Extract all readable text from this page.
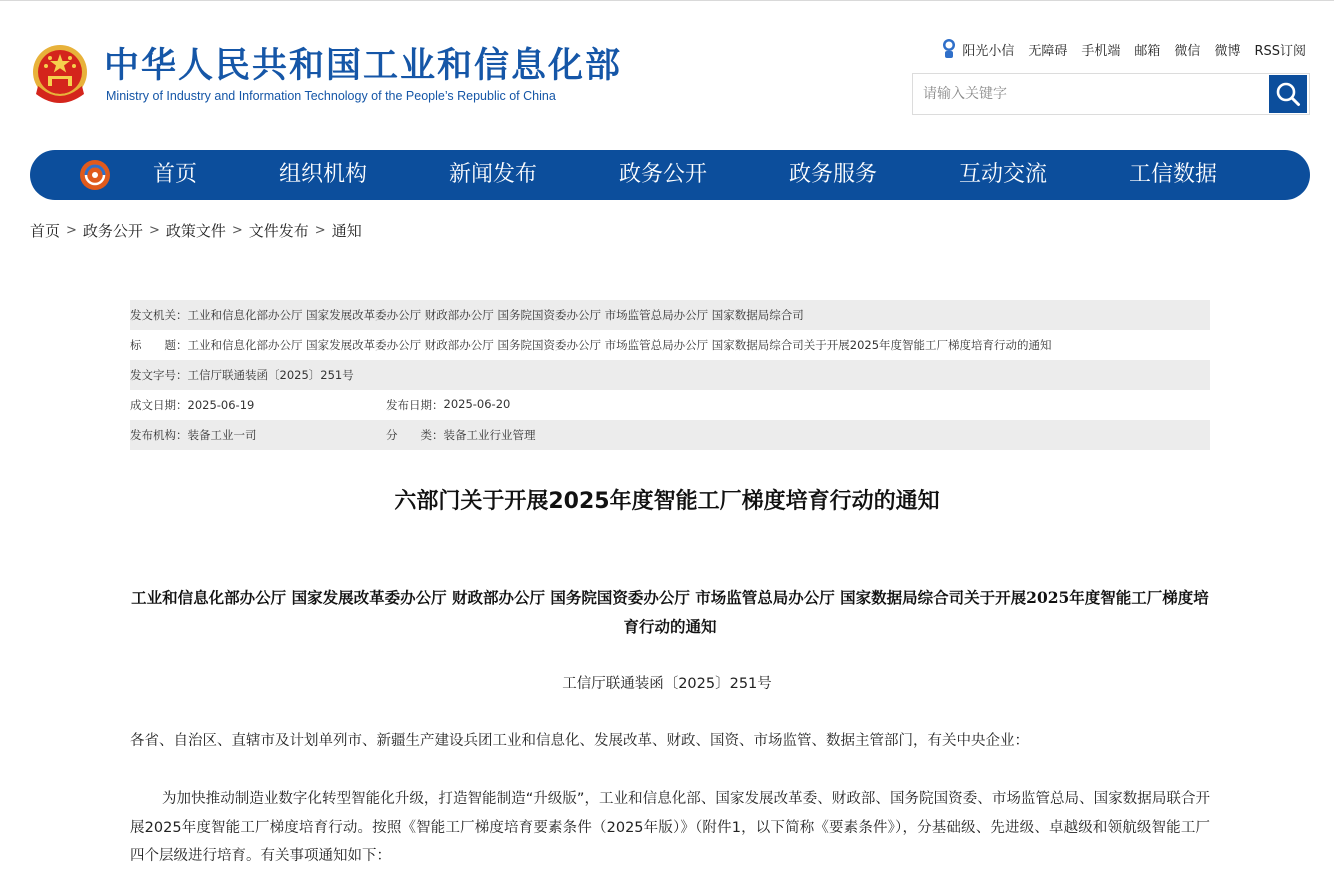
中华人民共和国工业和信息化部
Ministry of Industry and Information Technology of the People’s Republic of China
阳光小信 无障碍 手机端 邮箱 微信 微博 RSS订阅
请输入关键字
首页	组织机构	新闻发布	政务公开	政务服务	互动交流	工信数据
首页 > 政务公开 > 政策文件 > 文件发布 > 通知
发文机关： 工业和信息化部办公厅 国家发展改革委办公厅 财政部办公厅 国务院国资委办公厅 市场监管总局办公厅 国家数据局综合司
标　　题： 工业和信息化部办公厅 国家发展改革委办公厅 财政部办公厅 国务院国资委办公厅 市场监管总局办公厅 国家数据局综合司关于开展2025年度智能工厂梯度培育行动的通知
发文字号： 工信厅联通装函〔2025〕251号
成文日期： 2025-06-19	发布日期： 2025-06-20
发布机构： 装备工业一司	分　　类： 装备工业行业管理
六部门关于开展2025年度智能工厂梯度培育行动的通知
工业和信息化部办公厅 国家发展改革委办公厅 财政部办公厅 国务院国资委办公厅 市场监管总局办公厅 国家数据局综合司关于开展2025年度智能工厂梯度培育行动的通知
工信厅联通装函〔2025〕251号
各省、自治区、直辖市及计划单列市、新疆生产建设兵团工业和信息化、发展改革、财政、国资、市场监管、数据主管部门，有关中央企业：
为加快推动制造业数字化转型智能化升级，打造智能制造“升级版”，工业和信息化部、国家发展改革委、财政部、国务院国资委、市场监管总局、国家数据局联合开展2025年度智能工厂梯度培育行动。按照《智能工厂梯度培育要素条件（2025年版）》（附件1，以下简称《要素条件》），分基础级、先进级、卓越级和领航级智能工厂四个层级进行培育。有关事项通知如下：
